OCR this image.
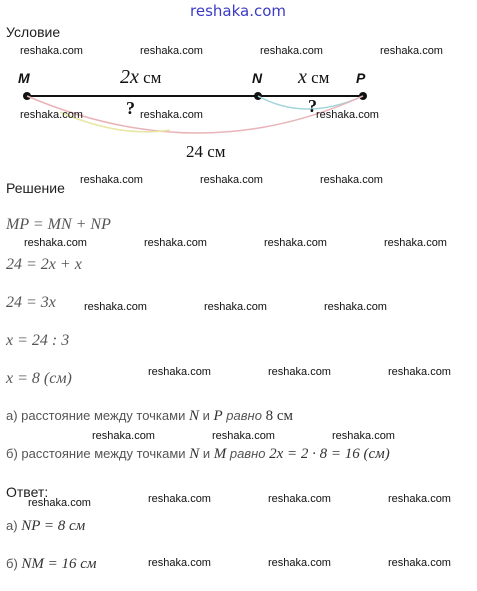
reshaka.com
Условие
M	N	P
2x см	x см
?	?
24 см
Решение
MP = MN + NP
24 = 2x + x
24 = 3x
x = 24 : 3
x = 8 (см)
а) расстояние между точками N и P равно 8 см
б) расстояние между точками N и M равно 2x = 2 · 8 = 16 (см)
Ответ:
а) NP = 8 см
б) NM = 16 см
reshaka.com	reshaka.com	reshaka.com	reshaka.com
reshaka.com	reshaka.com	reshaka.com
reshaka.com	reshaka.com	reshaka.com
reshaka.com	reshaka.com	reshaka.com	reshaka.com
reshaka.com	reshaka.com	reshaka.com
reshaka.com	reshaka.com	reshaka.com
reshaka.com	reshaka.com	reshaka.com
reshaka.com	reshaka.com	reshaka.com	reshaka.com
reshaka.com	reshaka.com	reshaka.com
